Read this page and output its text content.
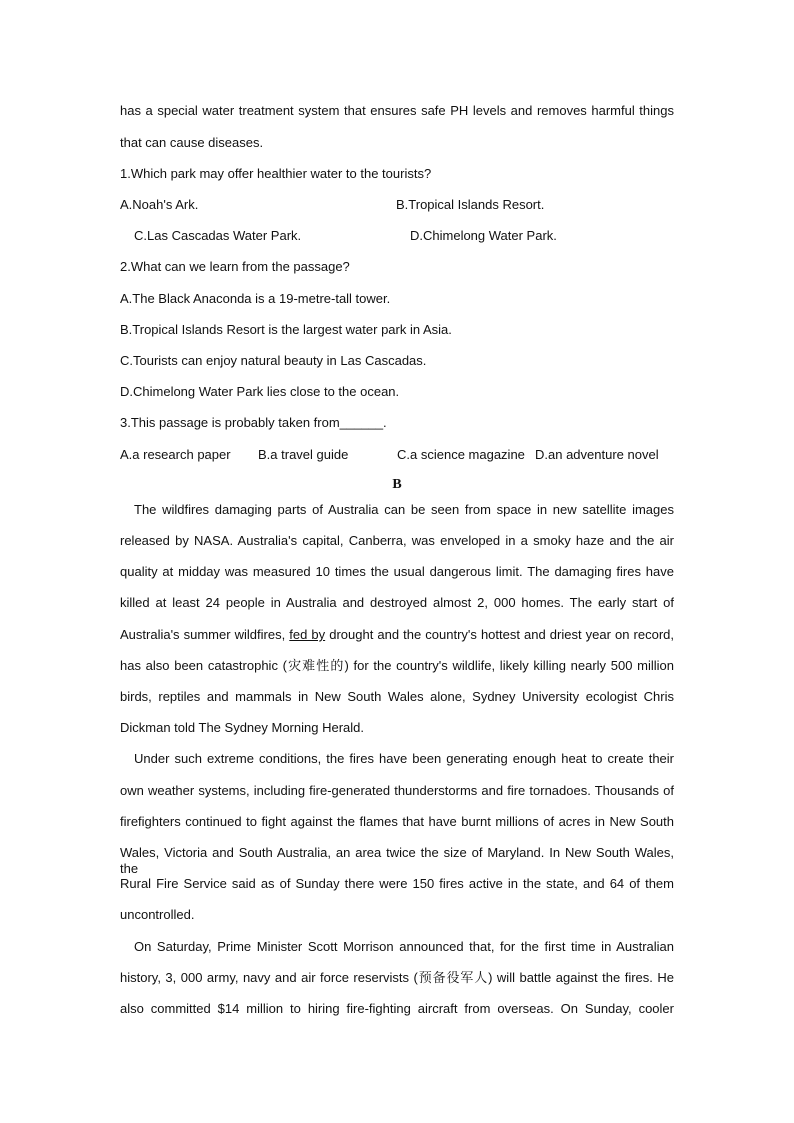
has a special water treatment system that ensures safe PH levels and removes harmful things
that can cause diseases.
1.Which park may offer healthier water to the tourists?
A.Noah's Ark.	B.Tropical Islands Resort.
C.Las Cascadas Water Park.	D.Chimelong Water Park.
2.What can we learn from the passage?
A.The Black Anaconda is a 19-metre-tall tower.
B.Tropical Islands Resort is the largest water park in Asia.
C.Tourists can enjoy natural beauty in Las Cascadas.
D.Chimelong Water Park lies close to the ocean.
3.This passage is probably taken from______.
A.a research paper B.a travel guide	C.a science magazine D.an adventure novel
B
The wildfires damaging parts of Australia can be seen from space in new satellite images
released by NASA. Australia's capital, Canberra, was enveloped in a smoky haze and the air
quality at midday was measured 10 times the usual dangerous limit. The damaging fires have
killed at least 24 people in Australia and destroyed almost 2, 000 homes. The early start of
Australia's summer wildfires, fed by drought and the country's hottest and driest year on record,
has also been catastrophic (灾难性的) for the country's wildlife, likely killing nearly 500 million
birds, reptiles and mammals in New South Wales alone, Sydney University ecologist Chris
Dickman told The Sydney Morning Herald.
Under such extreme conditions, the fires have been generating enough heat to create their
own weather systems, including fire-generated thunderstorms and fire tornadoes. Thousands of
firefighters continued to fight against the flames that have burnt millions of acres in New South
Wales, Victoria and South Australia, an area twice the size of Maryland. In New South Wales, the
Rural Fire Service said as of Sunday there were 150 fires active in the state, and 64 of them
uncontrolled.
On Saturday, Prime Minister Scott Morrison announced that, for the first time in Australian
history, 3, 000 army, navy and air force reservists (预备役军人) will battle against the fires. He
also committed $14 million to hiring fire-fighting aircraft from overseas. On Sunday, cooler
